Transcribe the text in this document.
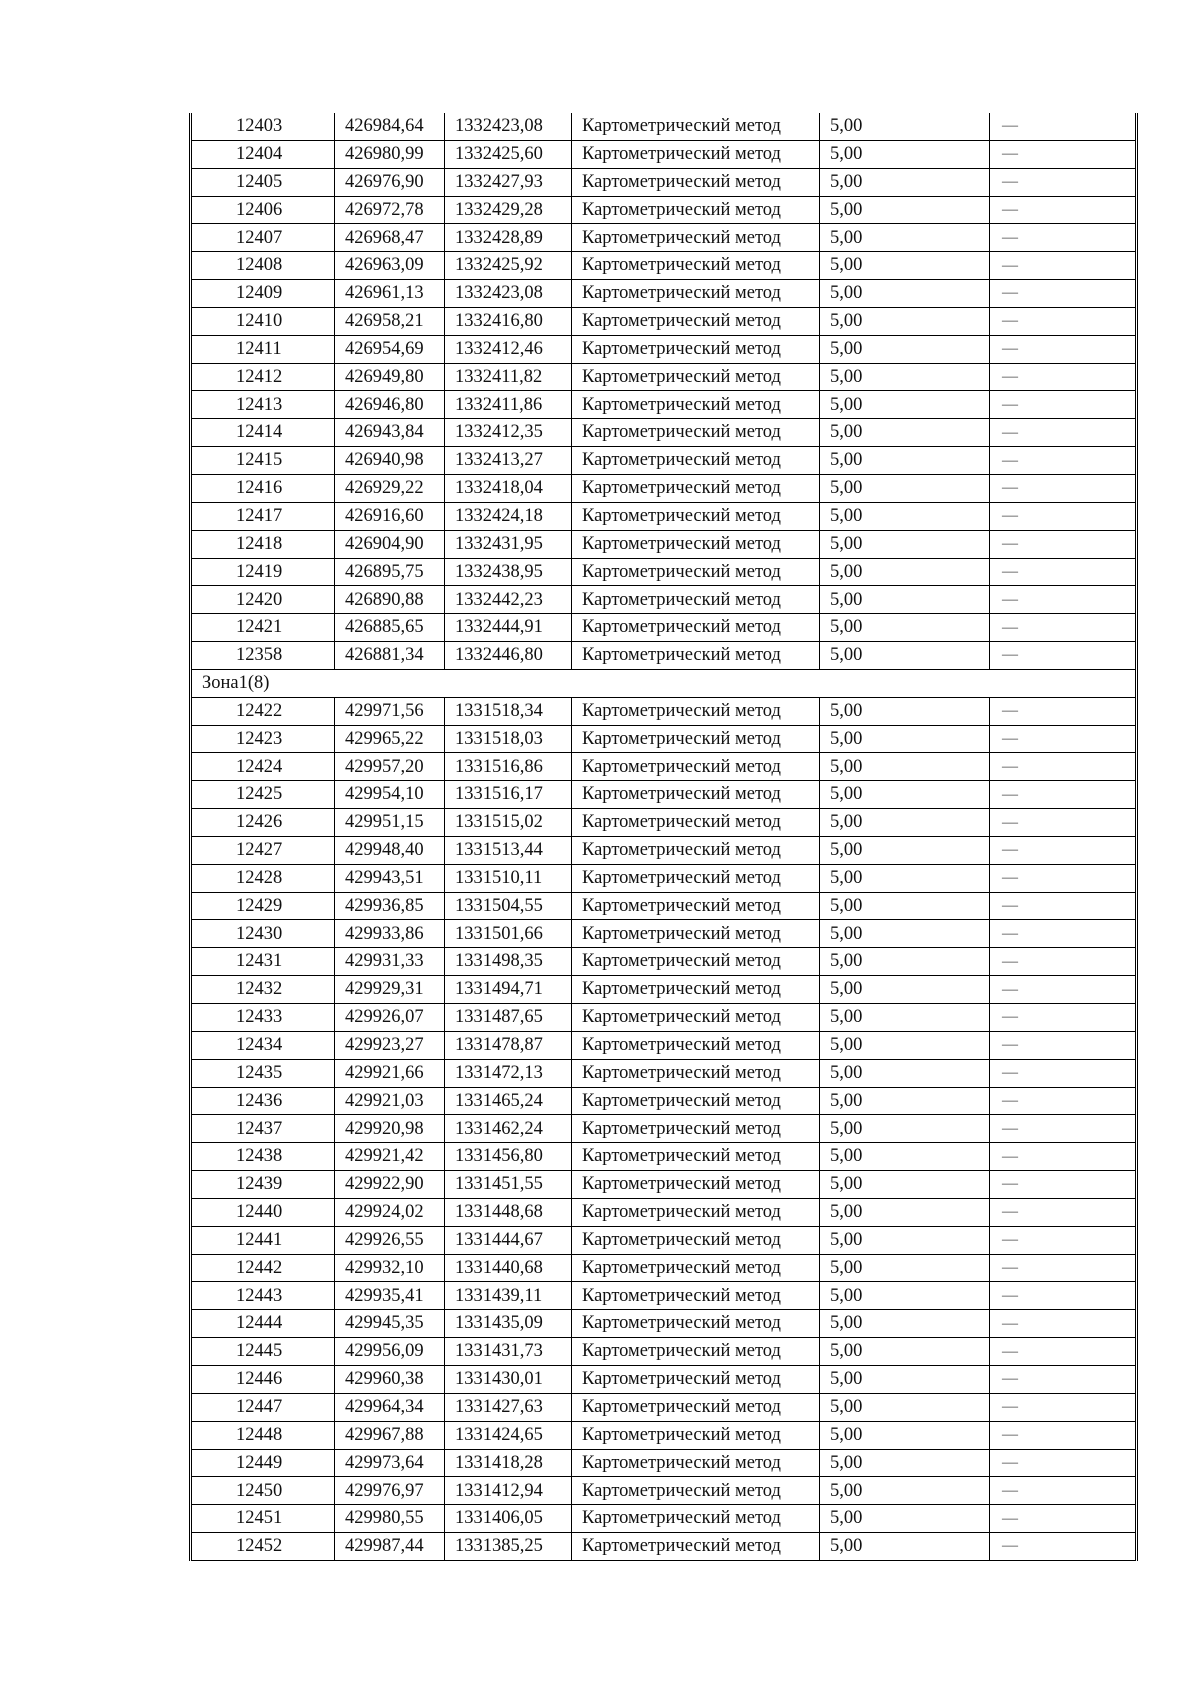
12403	426984,64	1332423,08	Картометрический метод	5,00	—
12404	426980,99	1332425,60	Картометрический метод	5,00	—
12405	426976,90	1332427,93	Картометрический метод	5,00	—
12406	426972,78	1332429,28	Картометрический метод	5,00	—
12407	426968,47	1332428,89	Картометрический метод	5,00	—
12408	426963,09	1332425,92	Картометрический метод	5,00	—
12409	426961,13	1332423,08	Картометрический метод	5,00	—
12410	426958,21	1332416,80	Картометрический метод	5,00	—
12411	426954,69	1332412,46	Картометрический метод	5,00	—
12412	426949,80	1332411,82	Картометрический метод	5,00	—
12413	426946,80	1332411,86	Картометрический метод	5,00	—
12414	426943,84	1332412,35	Картометрический метод	5,00	—
12415	426940,98	1332413,27	Картометрический метод	5,00	—
12416	426929,22	1332418,04	Картометрический метод	5,00	—
12417	426916,60	1332424,18	Картометрический метод	5,00	—
12418	426904,90	1332431,95	Картометрический метод	5,00	—
12419	426895,75	1332438,95	Картометрический метод	5,00	—
12420	426890,88	1332442,23	Картометрический метод	5,00	—
12421	426885,65	1332444,91	Картометрический метод	5,00	—
12358	426881,34	1332446,80	Картометрический метод	5,00	—
Зона1(8)					
12422	429971,56	1331518,34	Картометрический метод	5,00	—
12423	429965,22	1331518,03	Картометрический метод	5,00	—
12424	429957,20	1331516,86	Картометрический метод	5,00	—
12425	429954,10	1331516,17	Картометрический метод	5,00	—
12426	429951,15	1331515,02	Картометрический метод	5,00	—
12427	429948,40	1331513,44	Картометрический метод	5,00	—
12428	429943,51	1331510,11	Картометрический метод	5,00	—
12429	429936,85	1331504,55	Картометрический метод	5,00	—
12430	429933,86	1331501,66	Картометрический метод	5,00	—
12431	429931,33	1331498,35	Картометрический метод	5,00	—
12432	429929,31	1331494,71	Картометрический метод	5,00	—
12433	429926,07	1331487,65	Картометрический метод	5,00	—
12434	429923,27	1331478,87	Картометрический метод	5,00	—
12435	429921,66	1331472,13	Картометрический метод	5,00	—
12436	429921,03	1331465,24	Картометрический метод	5,00	—
12437	429920,98	1331462,24	Картометрический метод	5,00	—
12438	429921,42	1331456,80	Картометрический метод	5,00	—
12439	429922,90	1331451,55	Картометрический метод	5,00	—
12440	429924,02	1331448,68	Картометрический метод	5,00	—
12441	429926,55	1331444,67	Картометрический метод	5,00	—
12442	429932,10	1331440,68	Картометрический метод	5,00	—
12443	429935,41	1331439,11	Картометрический метод	5,00	—
12444	429945,35	1331435,09	Картометрический метод	5,00	—
12445	429956,09	1331431,73	Картометрический метод	5,00	—
12446	429960,38	1331430,01	Картометрический метод	5,00	—
12447	429964,34	1331427,63	Картометрический метод	5,00	—
12448	429967,88	1331424,65	Картометрический метод	5,00	—
12449	429973,64	1331418,28	Картометрический метод	5,00	—
12450	429976,97	1331412,94	Картометрический метод	5,00	—
12451	429980,55	1331406,05	Картометрический метод	5,00	—
12452	429987,44	1331385,25	Картометрический метод	5,00	—
